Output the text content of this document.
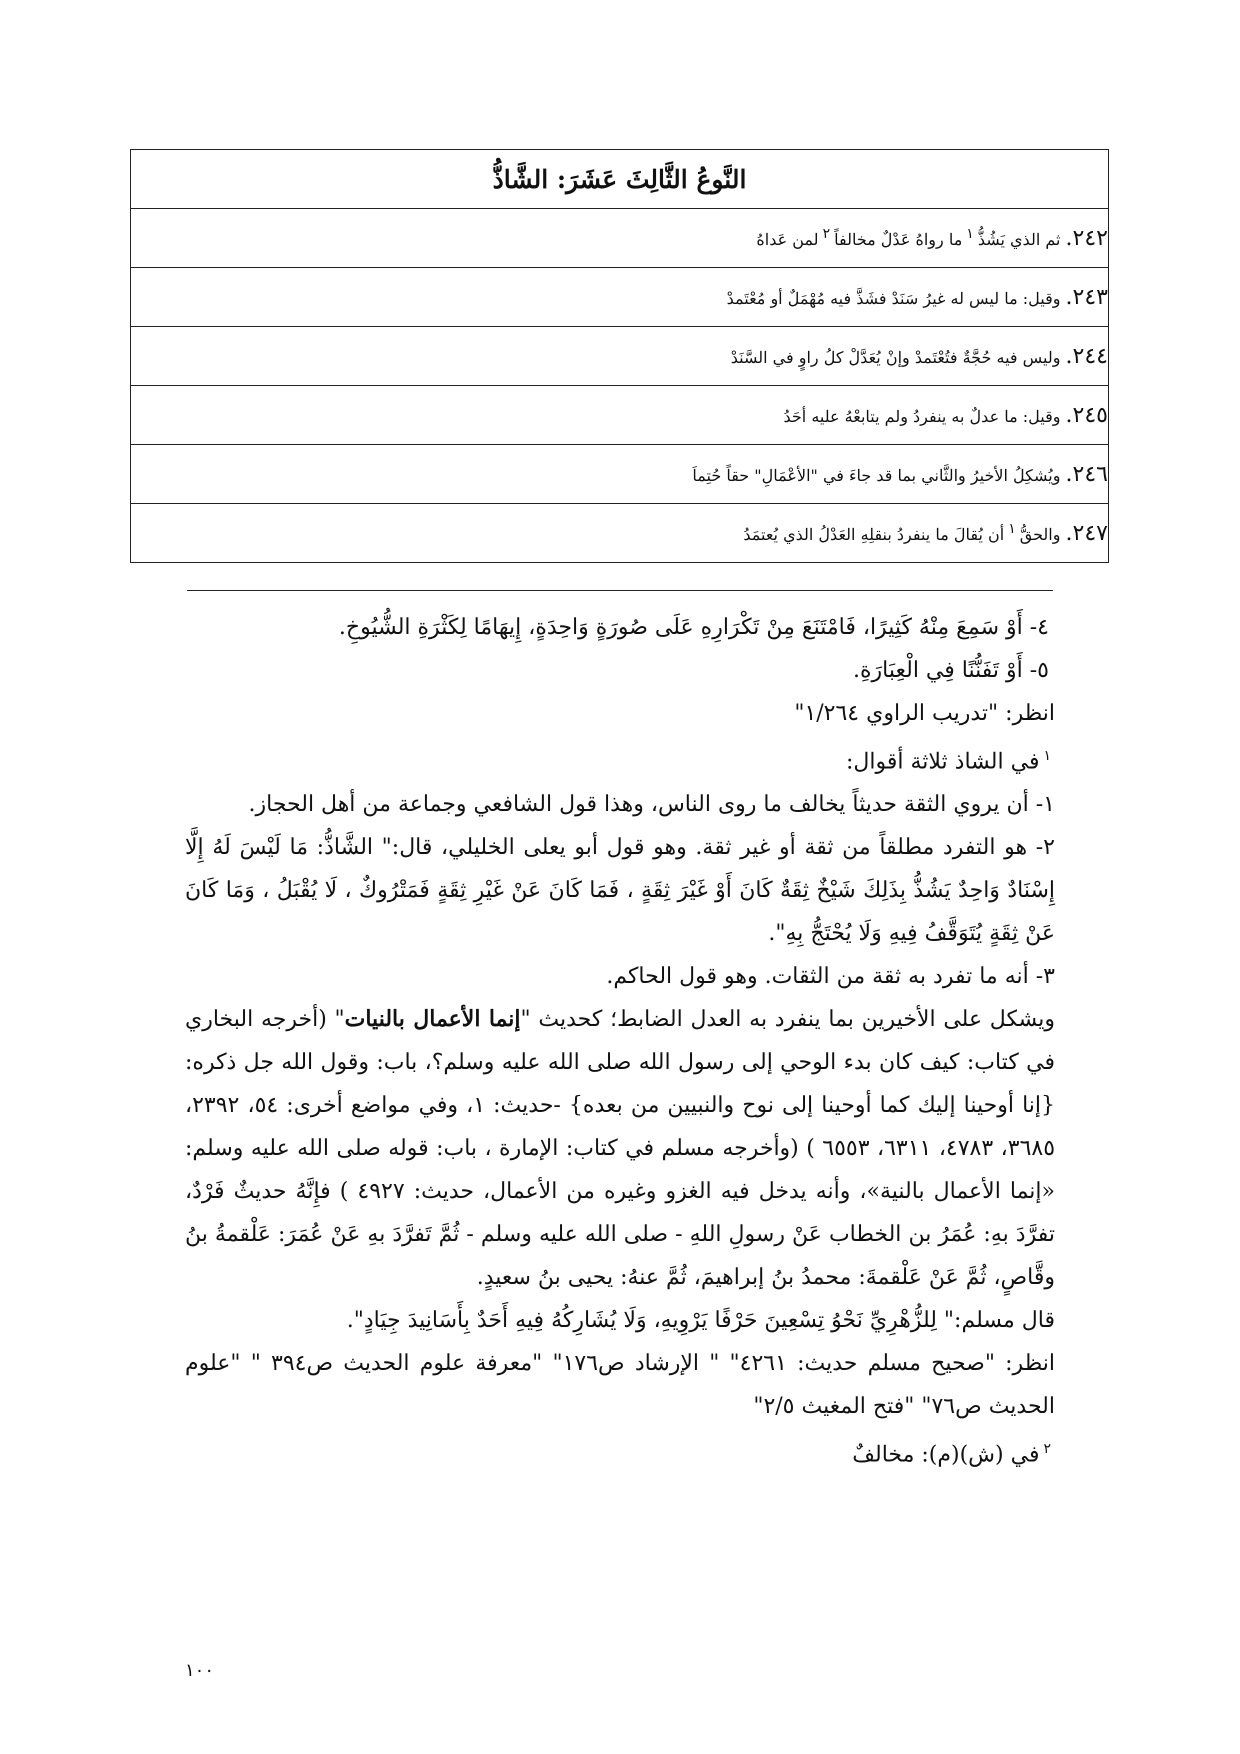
النَّوعُ الثَّالِثَ عَشَرَ: الشَّاذُّ

٢٤٢. ثم الذي يَشُذُّ١ما رواهُ عَدْلٌ مخالفاً٢لمن عَداهُ

٢٤٣. وقيل: ما ليس له غيرُ سَنَدْ فشَذَّ فيه مُهْمَلٌ أو مُعْتَمدْ

٢٤٤. وليس فيه حُجَّةٌ فتُعْتَمدْ وإنْ يُعَدَّلْ كلُ راوٍ في السَّنَدْ

٢٤٥. وقيل: ما عدلٌ به ينفردُ ولم يتابعْهُ عليه أحَدُ

٢٤٦. ويُشكِلُ الأخيرُ والثَّاني بما قد جاءَ في "الأعْمَالِ" حقاً حُتِماَ

٢٤٧. والحقُّ١أن يُقالَ ما ينفردُ بنقلِهِ العَدْلُ الذي يُعتمَدُ

٤- أَوْ سَمِعَ مِنْهُ كَثِيرًا، فَامْتَنَعَ مِنْ تَكْرَارِهِ عَلَى صُورَةٍ وَاحِدَةٍ، إِيهَامًا لِكَثْرَةِ الشُّيُوخِ.

٥- أَوْ تَفَنُّنًا فِي الْعِبَارَةِ.

انظر: "تدريب الراوي ١/٢٦٤"

$^١$في الشاذ ثلاثة أقوال:

١- أن يروي الثقة حديثاً يخالف ما روى الناس، وهذا قول الشافعي وجماعة من أهل الحجاز.

٢- هو التفرد مطلقاً من ثقة أو غير ثقة. وهو قول أبو يعلى الخليلي، قال:" الشَّاذُّ: مَا لَيْسَ لَهُ إِلَّا إِسْنَادٌ وَاحِدٌ يَشُذُّ بِذَلِكَ شَيْخٌ ثِقَةٌ كَانَ أَوْ غَيْرَ ثِقَةٍ ، فَمَا كَانَ عَنْ غَيْرِ ثِقَةٍ فَمَتْرُوكٌ ، لَا يُقْبَلُ ، وَمَا كَانَ عَنْ ثِقَةٍ يُتَوَقَّفُ فِيهِ وَلَا يُحْتَجُّ بِهِ".

٣- أنه ما تفرد به ثقة من الثقات. وهو قول الحاكم.

ويشكل على الأخيرين بما ينفرد به العدل الضابط؛ كحديث "إنما الأعمال بالنيات" (أخرجه البخاري في كتاب: كيف كان بدء الوحي إلى رسول الله صلى الله عليه وسلم؟، باب: وقول الله جل ذكره: {إنا أوحينا إليك كما أوحينا إلى نوح والنبيين من بعده} -حديث: ١، وفي مواضع أخرى: ٥٤، ٢٣٩٢، ٣٦٨٥، ٤٧٨٣، ٦٣١١، ٦٥٥٣ ) (وأخرجه مسلم في كتاب: الإمارة ، باب: قوله صلى الله عليه وسلم: «إنما الأعمال بالنية»، وأنه يدخل فيه الغزو وغيره من الأعمال، حديث: ٤٩٢٧ ) فإِنَّهُ حديثٌ فَرْدٌ، تفرَّدَ بهِ: عُمَرُ بن الخطاب عَنْ رسولِ اللهِ - صلى الله عليه وسلم - ثُمَّ تَفرَّدَ بهِ عَنْ عُمَرَ: عَلْقمةُ بنُ وقَّاصٍ، ثُمَّ عَنْ عَلْقمةَ: محمدُ بنُ إبراهيمَ، ثُمَّ عنهُ: يحيى بنُ سعيدٍ.

قال مسلم:" لِلزُّهْرِيِّ نَحْوُ تِسْعِينَ حَرْفًا يَرْوِيهِ، وَلَا يُشَارِكُهُ فِيهِ أَحَدٌ بِأَسَانِيدَ جِيَادٍ".

انظر: "صحيح مسلم حديث: ٤٢٦١" " الإرشاد ص١٧٦" "معرفة علوم الحديث ص٣٩٤ " "علوم الحديث ص٧٦" "فتح المغيث ٢/٥"

$^٢$في (ش)(م): مخالفٌ

١٠٠
